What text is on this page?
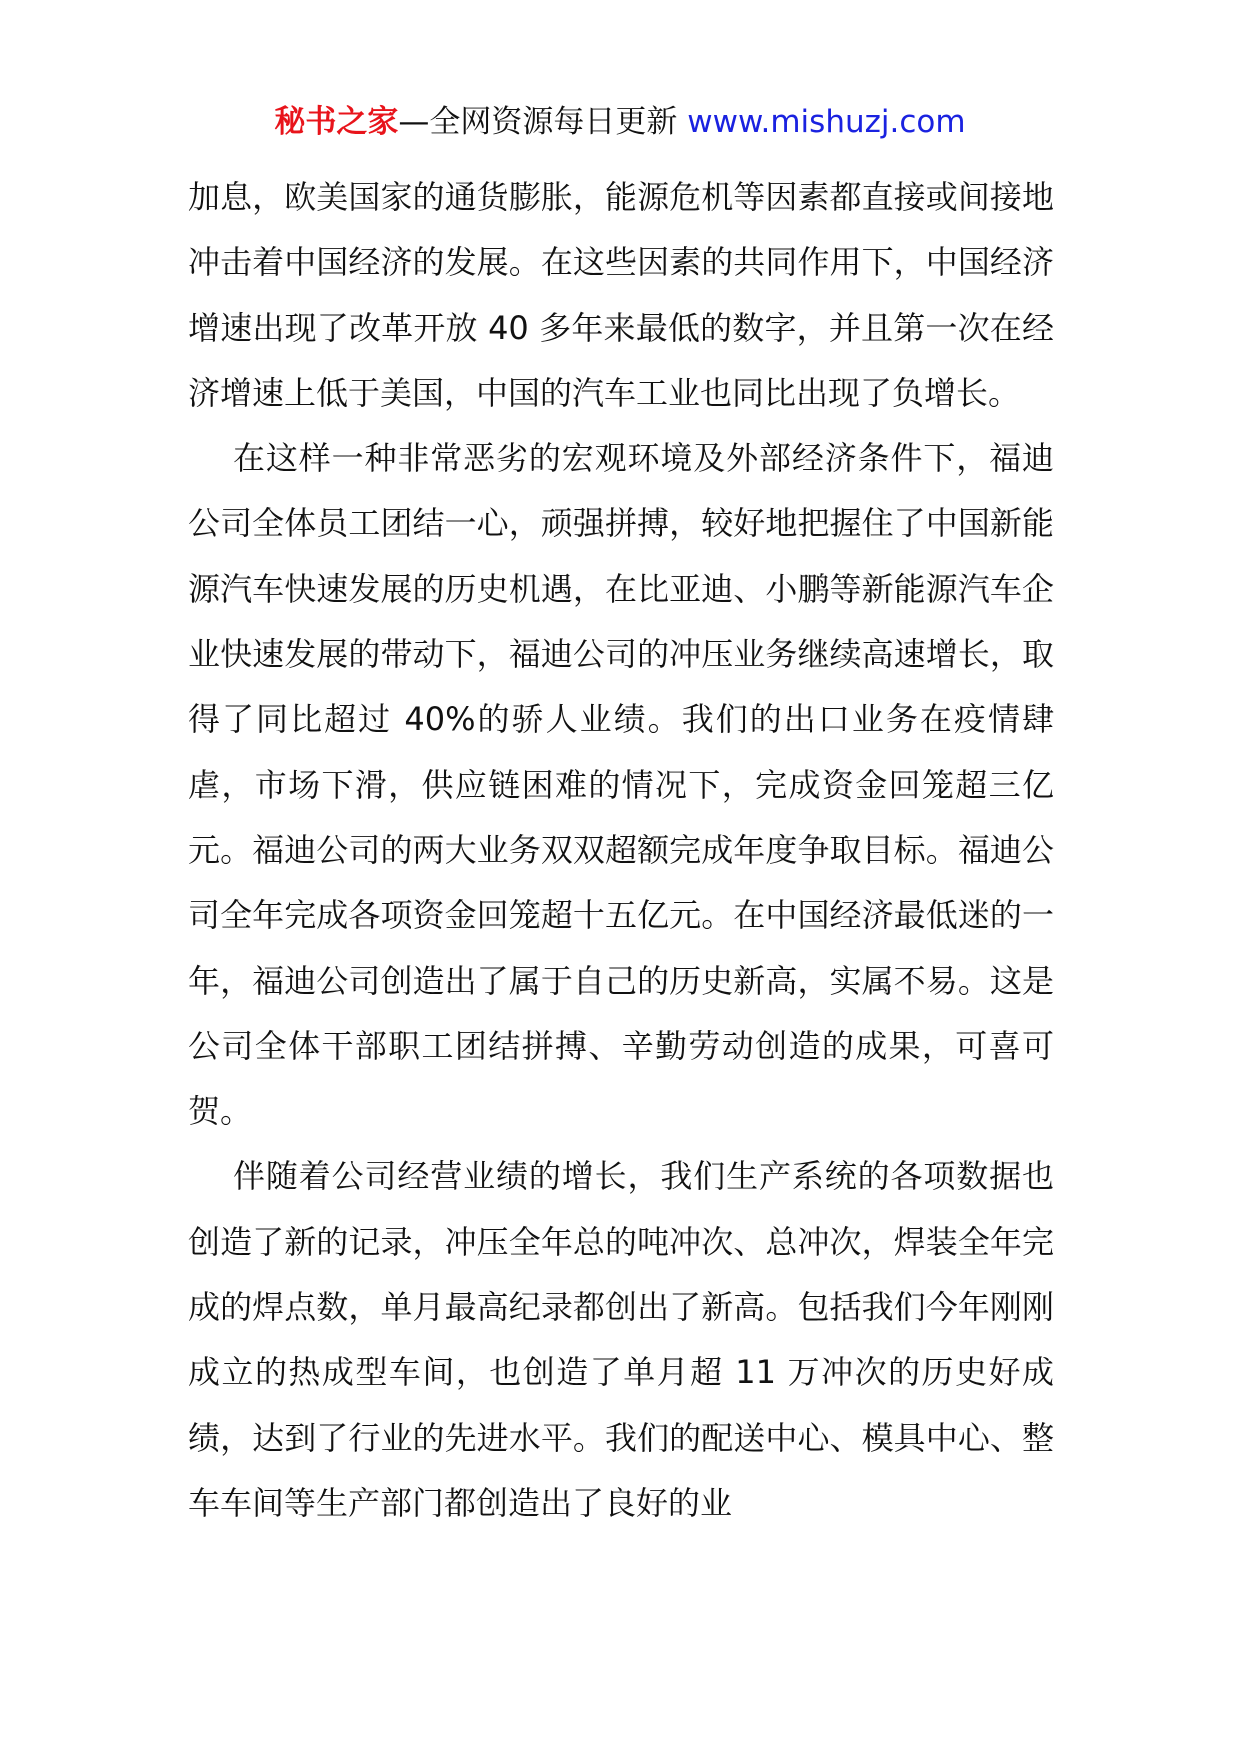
秘书之家—全网资源每日更新 www.mishuzj.com

加息，欧美国家的通货膨胀，能源危机等因素都直接或间接地冲击着中国经济的发展。在这些因素的共同作用下，中国经济增速出现了改革开放 40 多年来最低的数字，并且第一次在经济增速上低于美国，中国的汽车工业也同比出现了负增长。

在这样一种非常恶劣的宏观环境及外部经济条件下，福迪公司全体员工团结一心，顽强拼搏，较好地把握住了中国新能源汽车快速发展的历史机遇，在比亚迪、小鹏等新能源汽车企业快速发展的带动下，福迪公司的冲压业务继续高速增长，取得了同比超过 40%的骄人业绩。我们的出口业务在疫情肆虐，市场下滑，供应链困难的情况下，完成资金回笼超三亿元。福迪公司的两大业务双双超额完成年度争取目标。福迪公司全年完成各项资金回笼超十五亿元。在中国经济最低迷的一年，福迪公司创造出了属于自己的历史新高，实属不易。这是公司全体干部职工团结拼搏、辛勤劳动创造的成果，可喜可贺。

伴随着公司经营业绩的增长，我们生产系统的各项数据也创造了新的记录，冲压全年总的吨冲次、总冲次，焊装全年完成的焊点数，单月最高纪录都创出了新高。包括我们今年刚刚成立的热成型车间，也创造了单月超 11 万冲次的历史好成绩，达到了行业的先进水平。我们的配送中心、模具中心、整车车间等生产部门都创造出了良好的业
